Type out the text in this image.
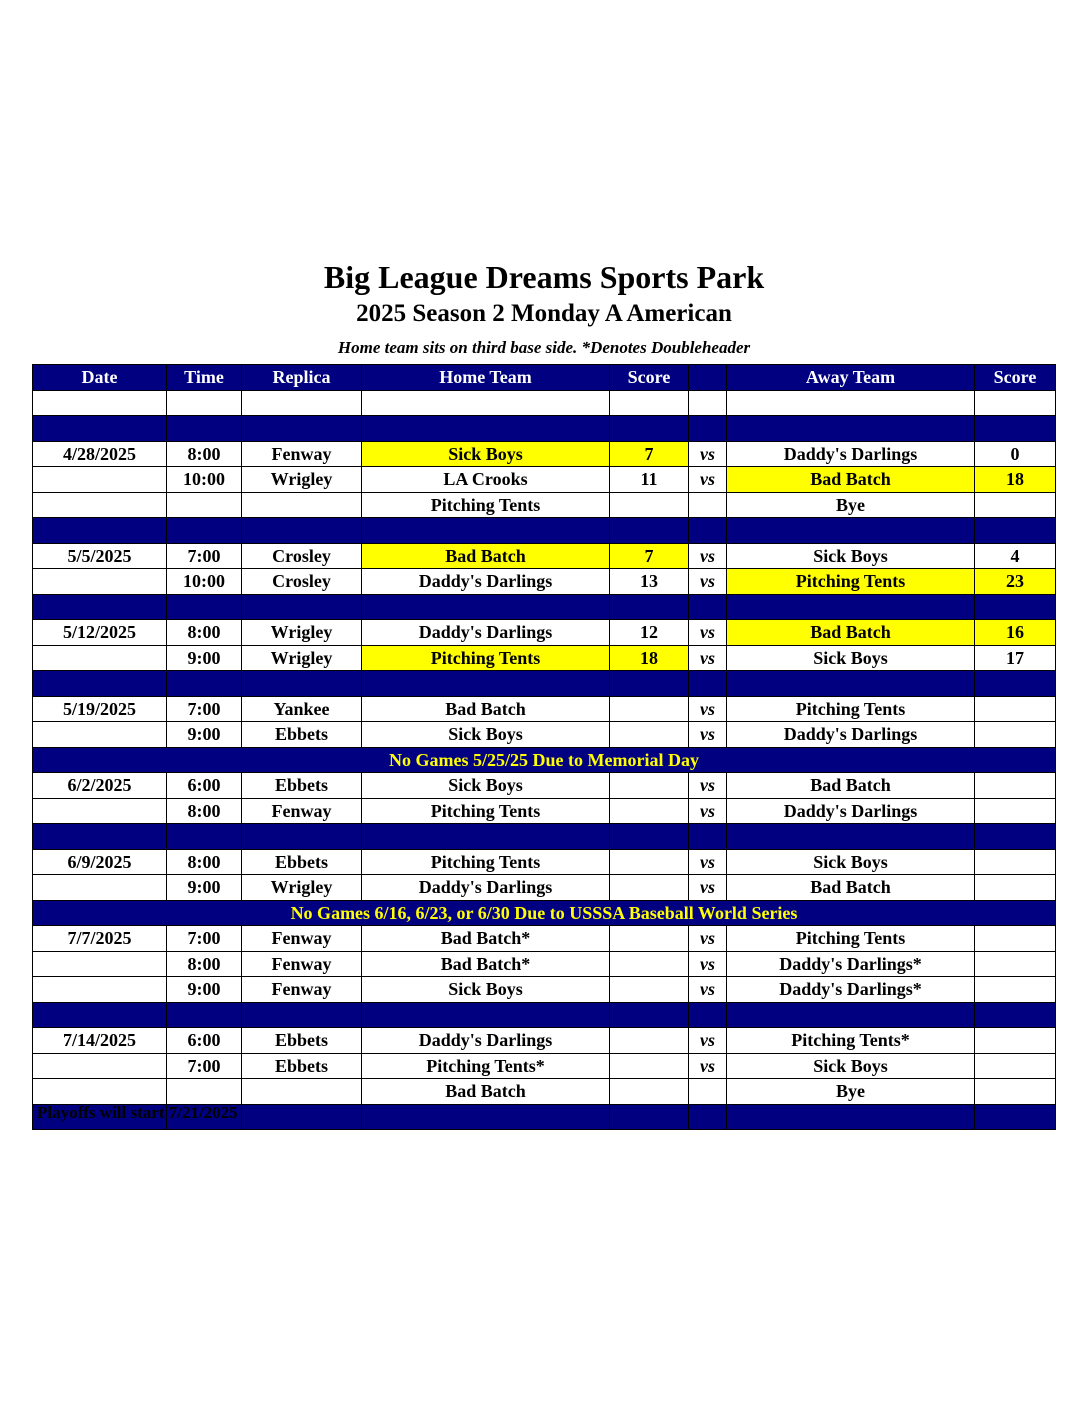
Big League Dreams Sports Park
2025 Season 2 Monday A American
Home team sits on third base side. *Denotes Doubleheader
Date	Time	Replica	Home Team	Score		Away Team	Score

4/28/2025	8:00	Fenway	Sick Boys	7	vs	Daddy's Darlings	0
	10:00	Wrigley	LA Crooks	11	vs	Bad Batch	18
			Pitching Tents			Bye	

5/5/2025	7:00	Crosley	Bad Batch	7	vs	Sick Boys	4
	10:00	Crosley	Daddy's Darlings	13	vs	Pitching Tents	23

5/12/2025	8:00	Wrigley	Daddy's Darlings	12	vs	Bad Batch	16
	9:00	Wrigley	Pitching Tents	18	vs	Sick Boys	17

5/19/2025	7:00	Yankee	Bad Batch		vs	Pitching Tents	
	9:00	Ebbets	Sick Boys		vs	Daddy's Darlings	
No Games 5/25/25 Due to Memorial Day							
6/2/2025	6:00	Ebbets	Sick Boys		vs	Bad Batch	
	8:00	Fenway	Pitching Tents		vs	Daddy's Darlings	

6/9/2025	8:00	Ebbets	Pitching Tents		vs	Sick Boys	
	9:00	Wrigley	Daddy's Darlings		vs	Bad Batch	
No Games 6/16, 6/23, or 6/30 Due to USSSA Baseball World Series							
7/7/2025	7:00	Fenway	Bad Batch*		vs	Pitching Tents	
	8:00	Fenway	Bad Batch*		vs	Daddy's Darlings*	
	9:00	Fenway	Sick Boys		vs	Daddy's Darlings*	

7/14/2025	6:00	Ebbets	Daddy's Darlings		vs	Pitching Tents*	
	7:00	Ebbets	Pitching Tents*		vs	Sick Boys	
			Bad Batch			Bye	

Playoffs will start 7/21/2025
